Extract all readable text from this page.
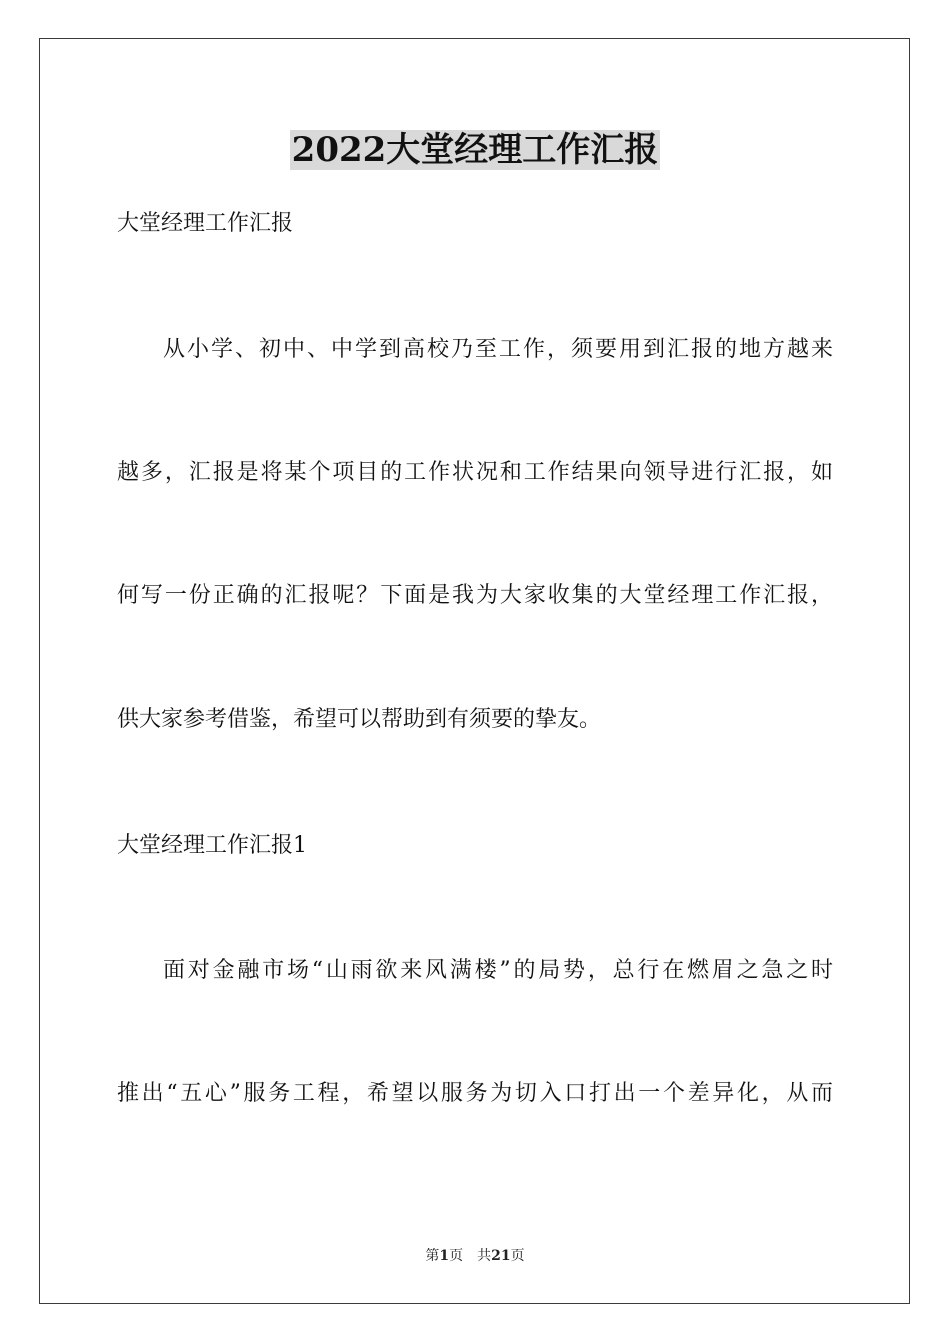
2022大堂经理工作汇报
大堂经理工作汇报
从小学、初中、中学到高校乃至工作，须要用到汇报的地方越来
越多，汇报是将某个项目的工作状况和工作结果向领导进行汇报，如
何写一份正确的汇报呢？下面是我为大家收集的大堂经理工作汇报，
供大家参考借鉴，希望可以帮助到有须要的挚友。
大堂经理工作汇报1
面对金融市场“山雨欲来风满楼”的局势，总行在燃眉之急之时
推出“五心”服务工程，希望以服务为切入口打出一个差异化，从而
第1页 共21页
